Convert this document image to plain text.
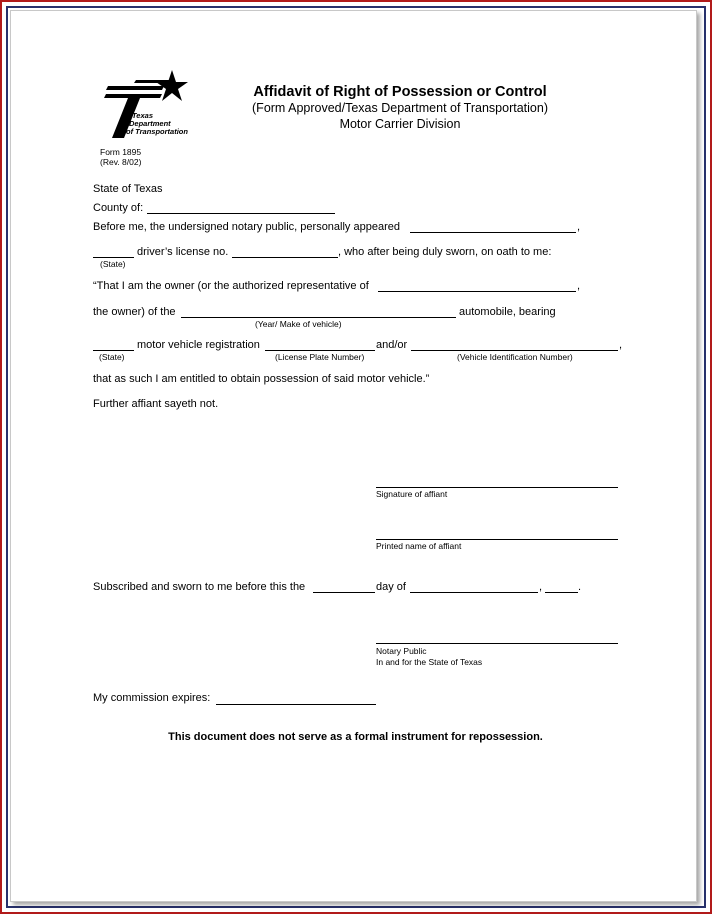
Texas
Department
of Transportation
Affidavit of Right of Possession or Control
(Form Approved/Texas Department of Transportation)
Motor Carrier Division
Form 1895
(Rev. 8/02)
State of Texas
County of:
Before me, the undersigned notary public, personally appeared	,
driver’s license no.	, who after being duly sworn, on oath to me:
(State)
“That I am the owner (or the authorized representative of	,
the owner) of the	automobile, bearing
(Year/ Make of vehicle)
motor vehicle registration	and/or	,
(State)	(License Plate Number)	(Vehicle Identification Number)
that as such I am entitled to obtain possession of said motor vehicle.”
Further affiant sayeth not.
Signature of affiant
Printed name of affiant
Subscribed and sworn to me before this the	day of	,	.
Notary Public
In and for the State of Texas
My commission expires:
This document does not serve as a formal instrument for repossession.
